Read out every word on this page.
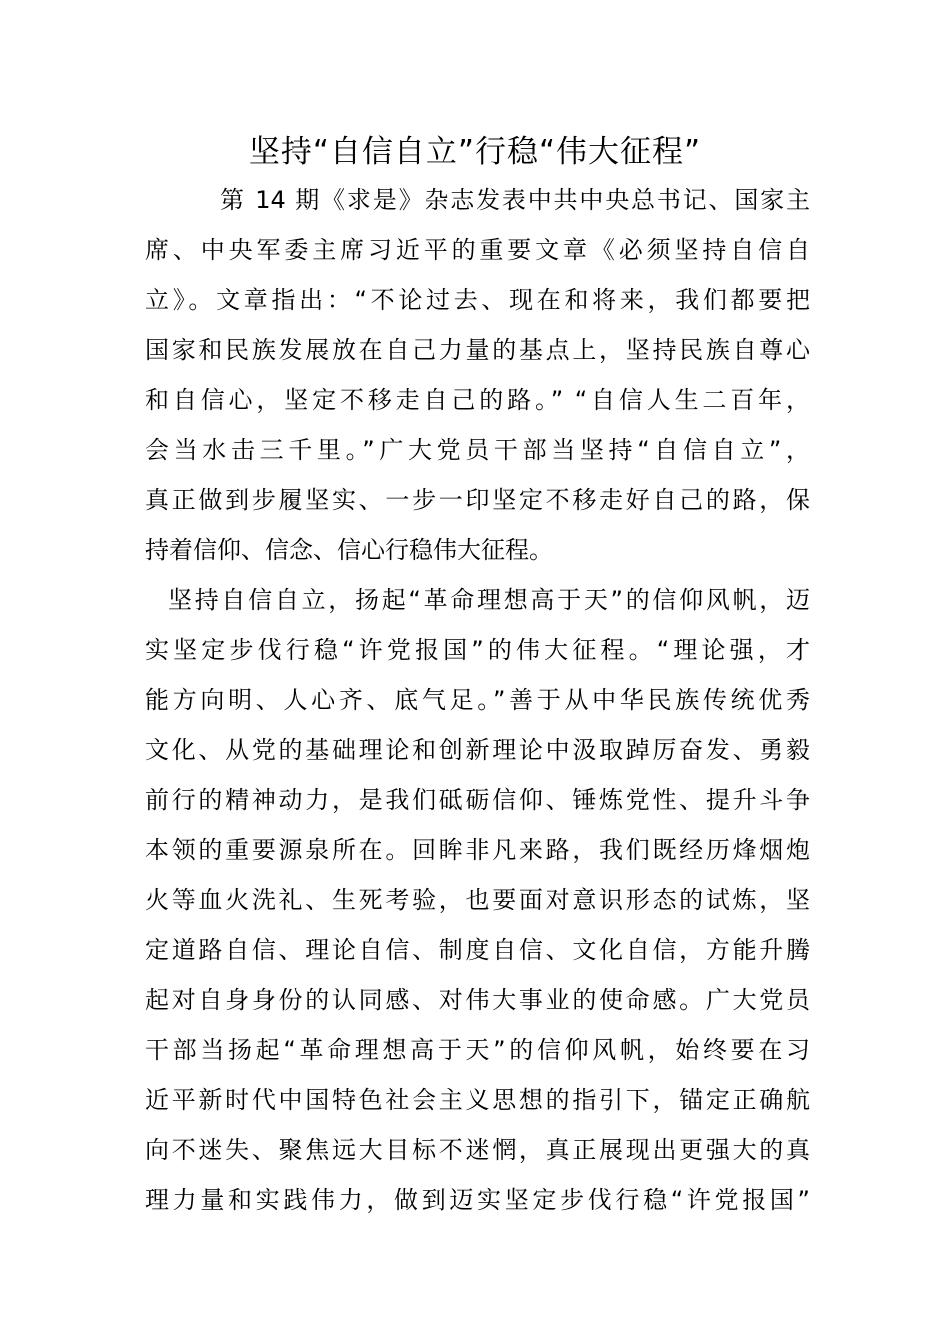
坚持“自信自立”行稳“伟大征程”

第 14 期《求是》杂志发表中共中央总书记、国家主

席、中央军委主席习近平的重要文章《必须坚持自信自

立》。文章指出：“不论过去、现在和将来，我们都要把

国家和民族发展放在自己力量的基点上，坚持民族自尊心

和自信心，坚定不移走自己的路。” “自信人生二百年，

会当水击三千里。”广大党员干部当坚持“自信自立”，

真正做到步履坚实、一步一印坚定不移走好自己的路，保

持着信仰、信念、信心行稳伟大征程。

坚持自信自立，扬起“革命理想高于天”的信仰风帆，迈

实坚定步伐行稳“许党报国”的伟大征程。“理论强，才

能方向明、人心齐、底气足。”善于从中华民族传统优秀

文化、从党的基础理论和创新理论中汲取踔厉奋发、勇毅

前行的精神动力，是我们砥砺信仰、锤炼党性、提升斗争

本领的重要源泉所在。回眸非凡来路，我们既经历烽烟炮

火等血火洗礼、生死考验，也要面对意识形态的试炼，坚

定道路自信、理论自信、制度自信、文化自信，方能升腾

起对自身身份的认同感、对伟大事业的使命感。广大党员

干部当扬起“革命理想高于天”的信仰风帆，始终要在习

近平新时代中国特色社会主义思想的指引下，锚定正确航

向不迷失、聚焦远大目标不迷惘，真正展现出更强大的真

理力量和实践伟力，做到迈实坚定步伐行稳“许党报国”
